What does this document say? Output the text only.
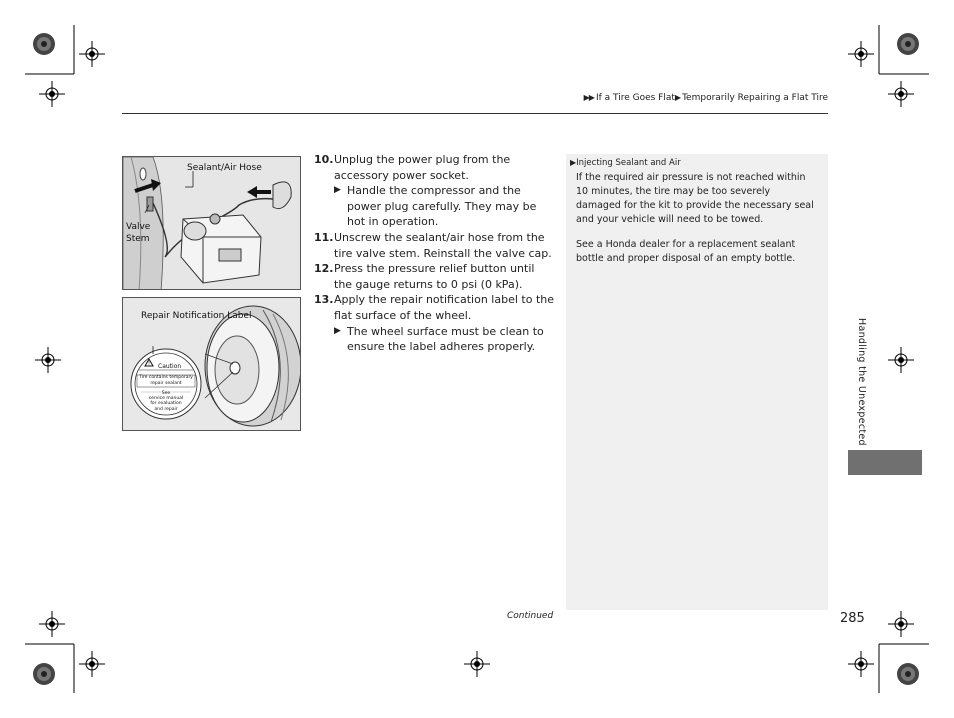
▶▶ If a Tire Goes Flat▶ Temporarily Repairing a Flat Tire
Sealant/Air Hose
Valve Stem
!
Repair Notification Label
Caution
Tire contains temporary
repair sealant
See
service manual
for evaluation
and repair
10. Unplug the power plug from the accessory power socket.
▶ Handle the compressor and the power plug carefully. They may be hot in operation.
11. Unscrew the sealant/air hose from the tire valve stem. Reinstall the valve cap.
12. Press the pressure relief button until the gauge returns to 0 psi (0 kPa).
13. Apply the repair notification label to the flat surface of the wheel.
▶ The wheel surface must be clean to ensure the label adheres properly.
▶Injecting Sealant and Air

If the required air pressure is not reached within 10 minutes, the tire may be too severely damaged for the kit to provide the necessary seal and your vehicle will need to be towed.

See a Honda dealer for a replacement sealant bottle and proper disposal of an empty bottle.

Handling the Unexpected
Continued	285
